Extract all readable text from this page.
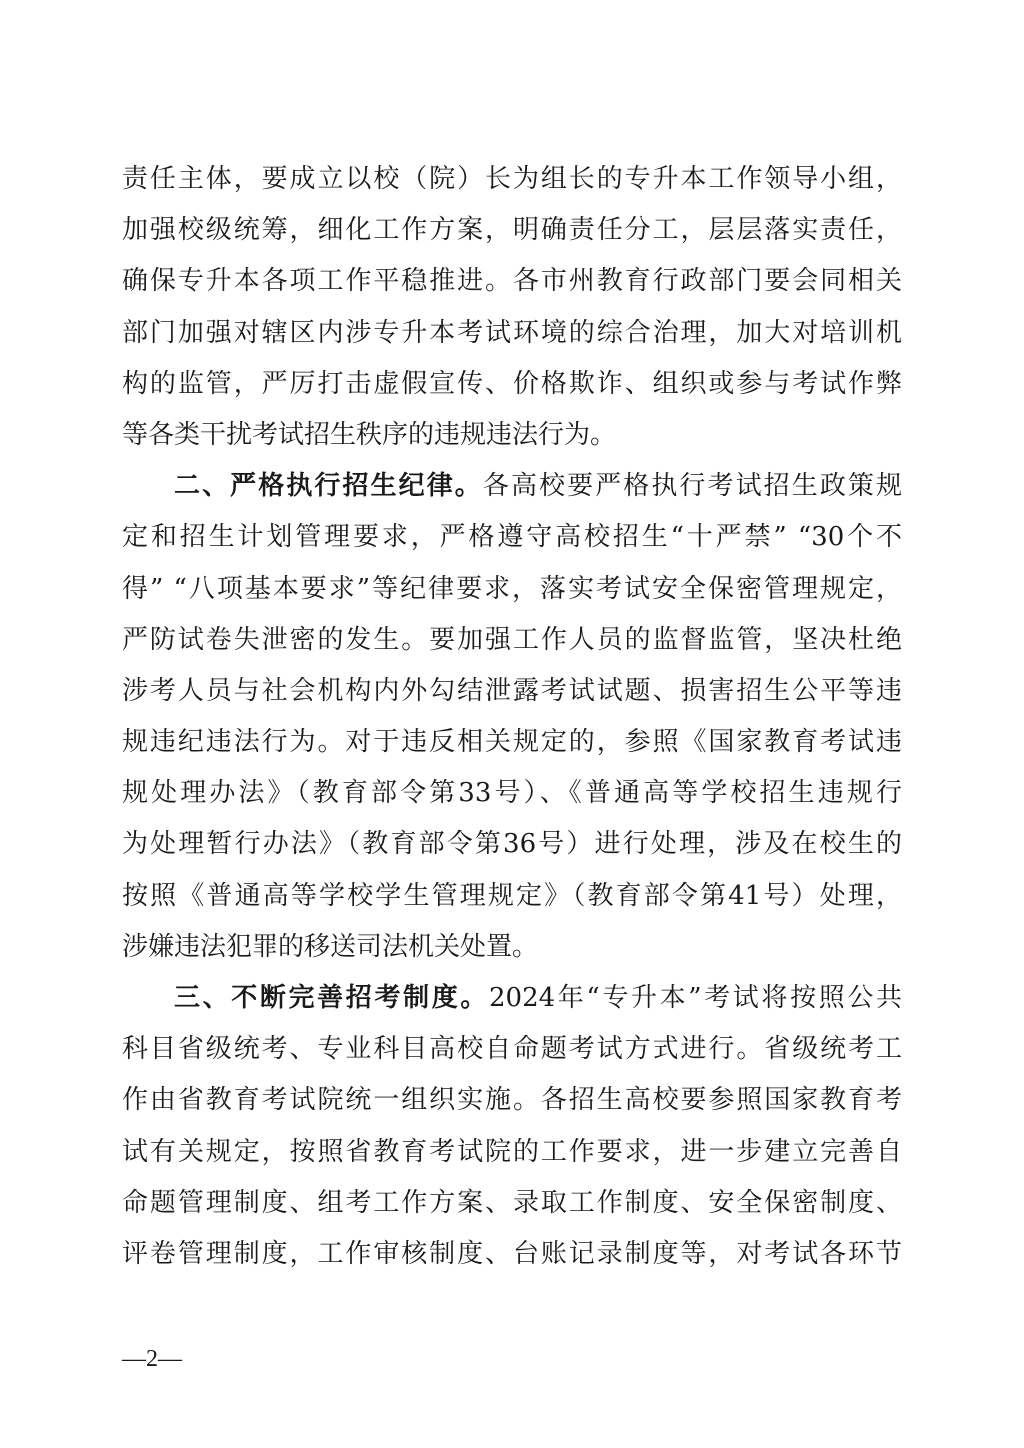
责任主体，要成立以校（院）长为组长的专升本工作领导小组，
加强校级统筹，细化工作方案，明确责任分工，层层落实责任，
确保专升本各项工作平稳推进。各市州教育行政部门要会同相关
部门加强对辖区内涉专升本考试环境的综合治理，加大对培训机
构的监管，严厉打击虚假宣传、价格欺诈、组织或参与考试作弊
等各类干扰考试招生秩序的违规违法行为。
二、严格执行招生纪律。各高校要严格执行考试招生政策规
定和招生计划管理要求，严格遵守高校招生“十严禁” “30个不
得” “八项基本要求”等纪律要求，落实考试安全保密管理规定，
严防试卷失泄密的发生。要加强工作人员的监督监管，坚决杜绝
涉考人员与社会机构内外勾结泄露考试试题、损害招生公平等违
规违纪违法行为。对于违反相关规定的，参照《国家教育考试违
规处理办法》（教育部令第33号）、《普通高等学校招生违规行
为处理暂行办法》（教育部令第36号）进行处理，涉及在校生的
按照《普通高等学校学生管理规定》（教育部令第41号）处理，
涉嫌违法犯罪的移送司法机关处置。
三、不断完善招考制度。2024年“专升本”考试将按照公共
科目省级统考、专业科目高校自命题考试方式进行。省级统考工
作由省教育考试院统一组织实施。各招生高校要参照国家教育考
试有关规定，按照省教育考试院的工作要求，进一步建立完善自
命题管理制度、组考工作方案、录取工作制度、安全保密制度、
评卷管理制度，工作审核制度、台账记录制度等，对考试各环节
—2—
